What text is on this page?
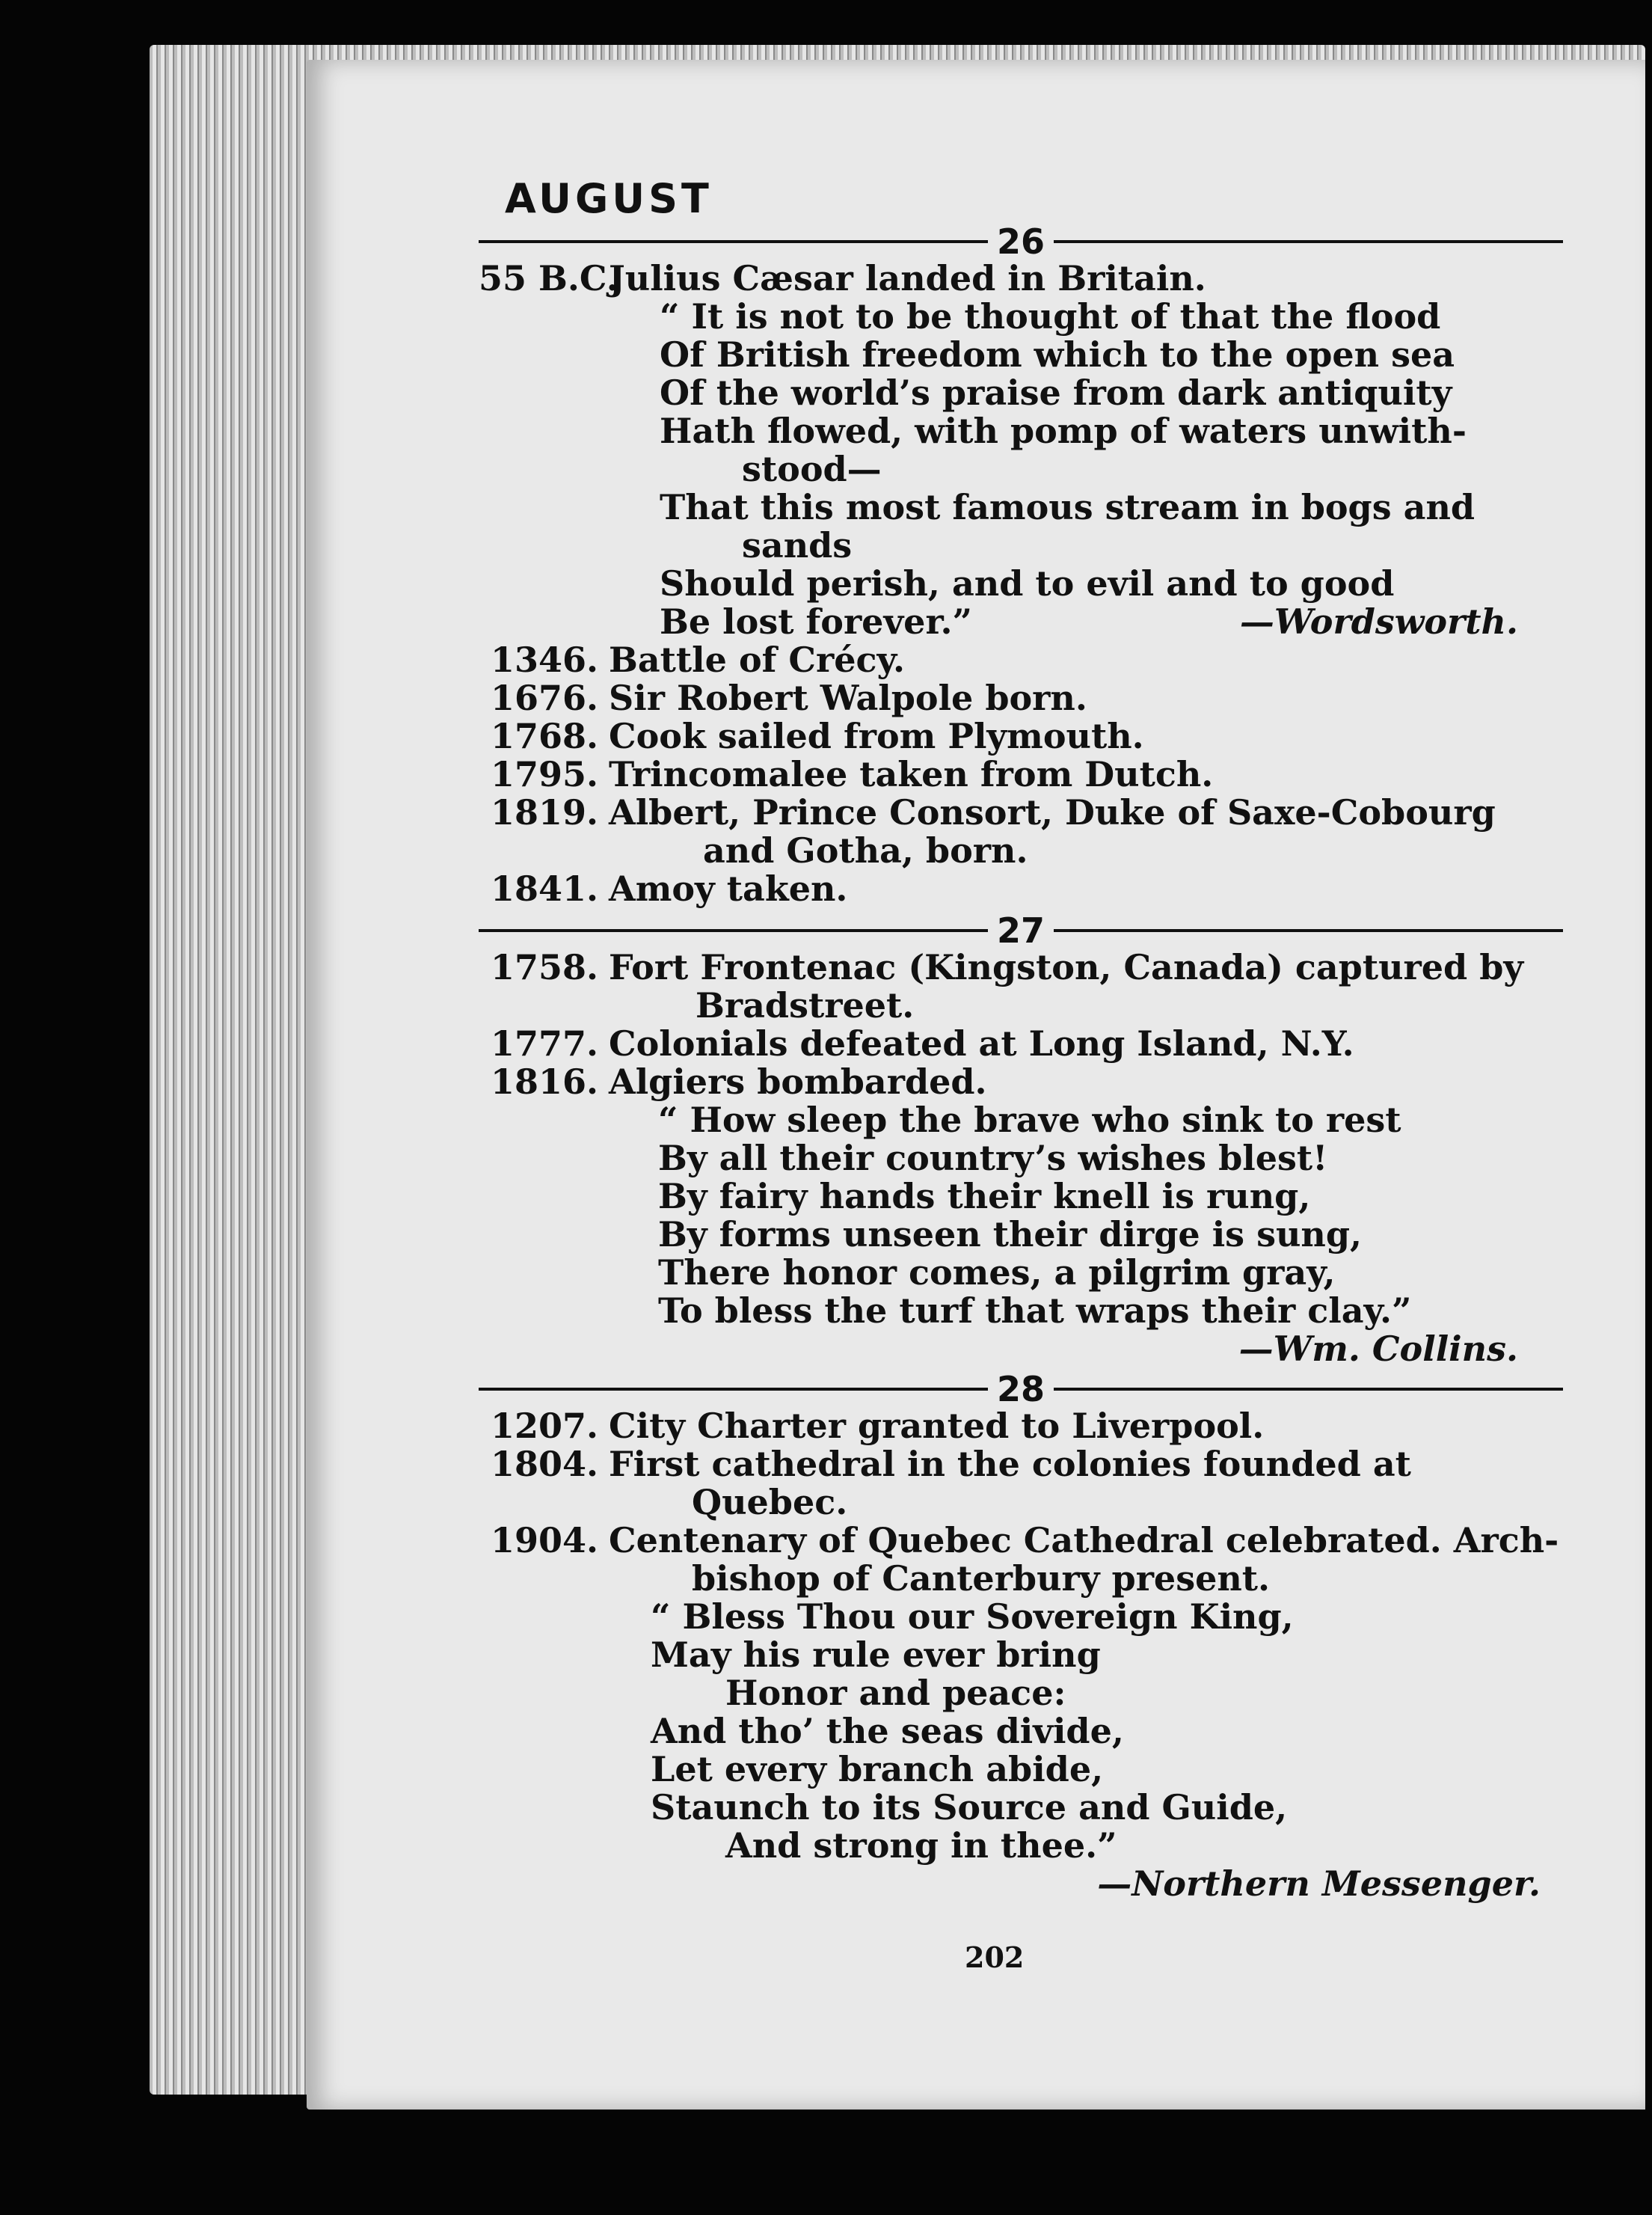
AUGUST
26
55 B.C.
Julius Cæsar landed in Britain.
“ It is not to be thought of that the flood
Of British freedom which to the open sea
Of the world’s praise from dark antiquity
Hath flowed, with pomp of waters unwith-
stood—
That this most famous stream in bogs and
sands
Should perish, and to evil and to good
Be lost forever.”	—Wordsworth.
1346. Battle of Crécy.
1676. Sir Robert Walpole born.
1768. Cook sailed from Plymouth.
1795. Trincomalee taken from Dutch.
1819. Albert, Prince Consort, Duke of Saxe-Cobourg
and Gotha, born.
1841. Amoy taken.
27
1758. Fort Frontenac (Kingston, Canada) captured by
Bradstreet.
1777. Colonials defeated at Long Island, N.Y.
1816. Algiers bombarded.
“ How sleep the brave who sink to rest
By all their country’s wishes blest!
By fairy hands their knell is rung,
By forms unseen their dirge is sung,
There honor comes, a pilgrim gray,
To bless the turf that wraps their clay.”
—Wm. Collins.
28
1207. City Charter granted to Liverpool.
1804. First cathedral in the colonies founded at
Quebec.
1904. Centenary of Quebec Cathedral celebrated. Arch-
bishop of Canterbury present.
“ Bless Thou our Sovereign King,
May his rule ever bring
Honor and peace:
And tho’ the seas divide,
Let every branch abide,
Staunch to its Source and Guide,
And strong in thee.”
—Northern Messenger.
202
